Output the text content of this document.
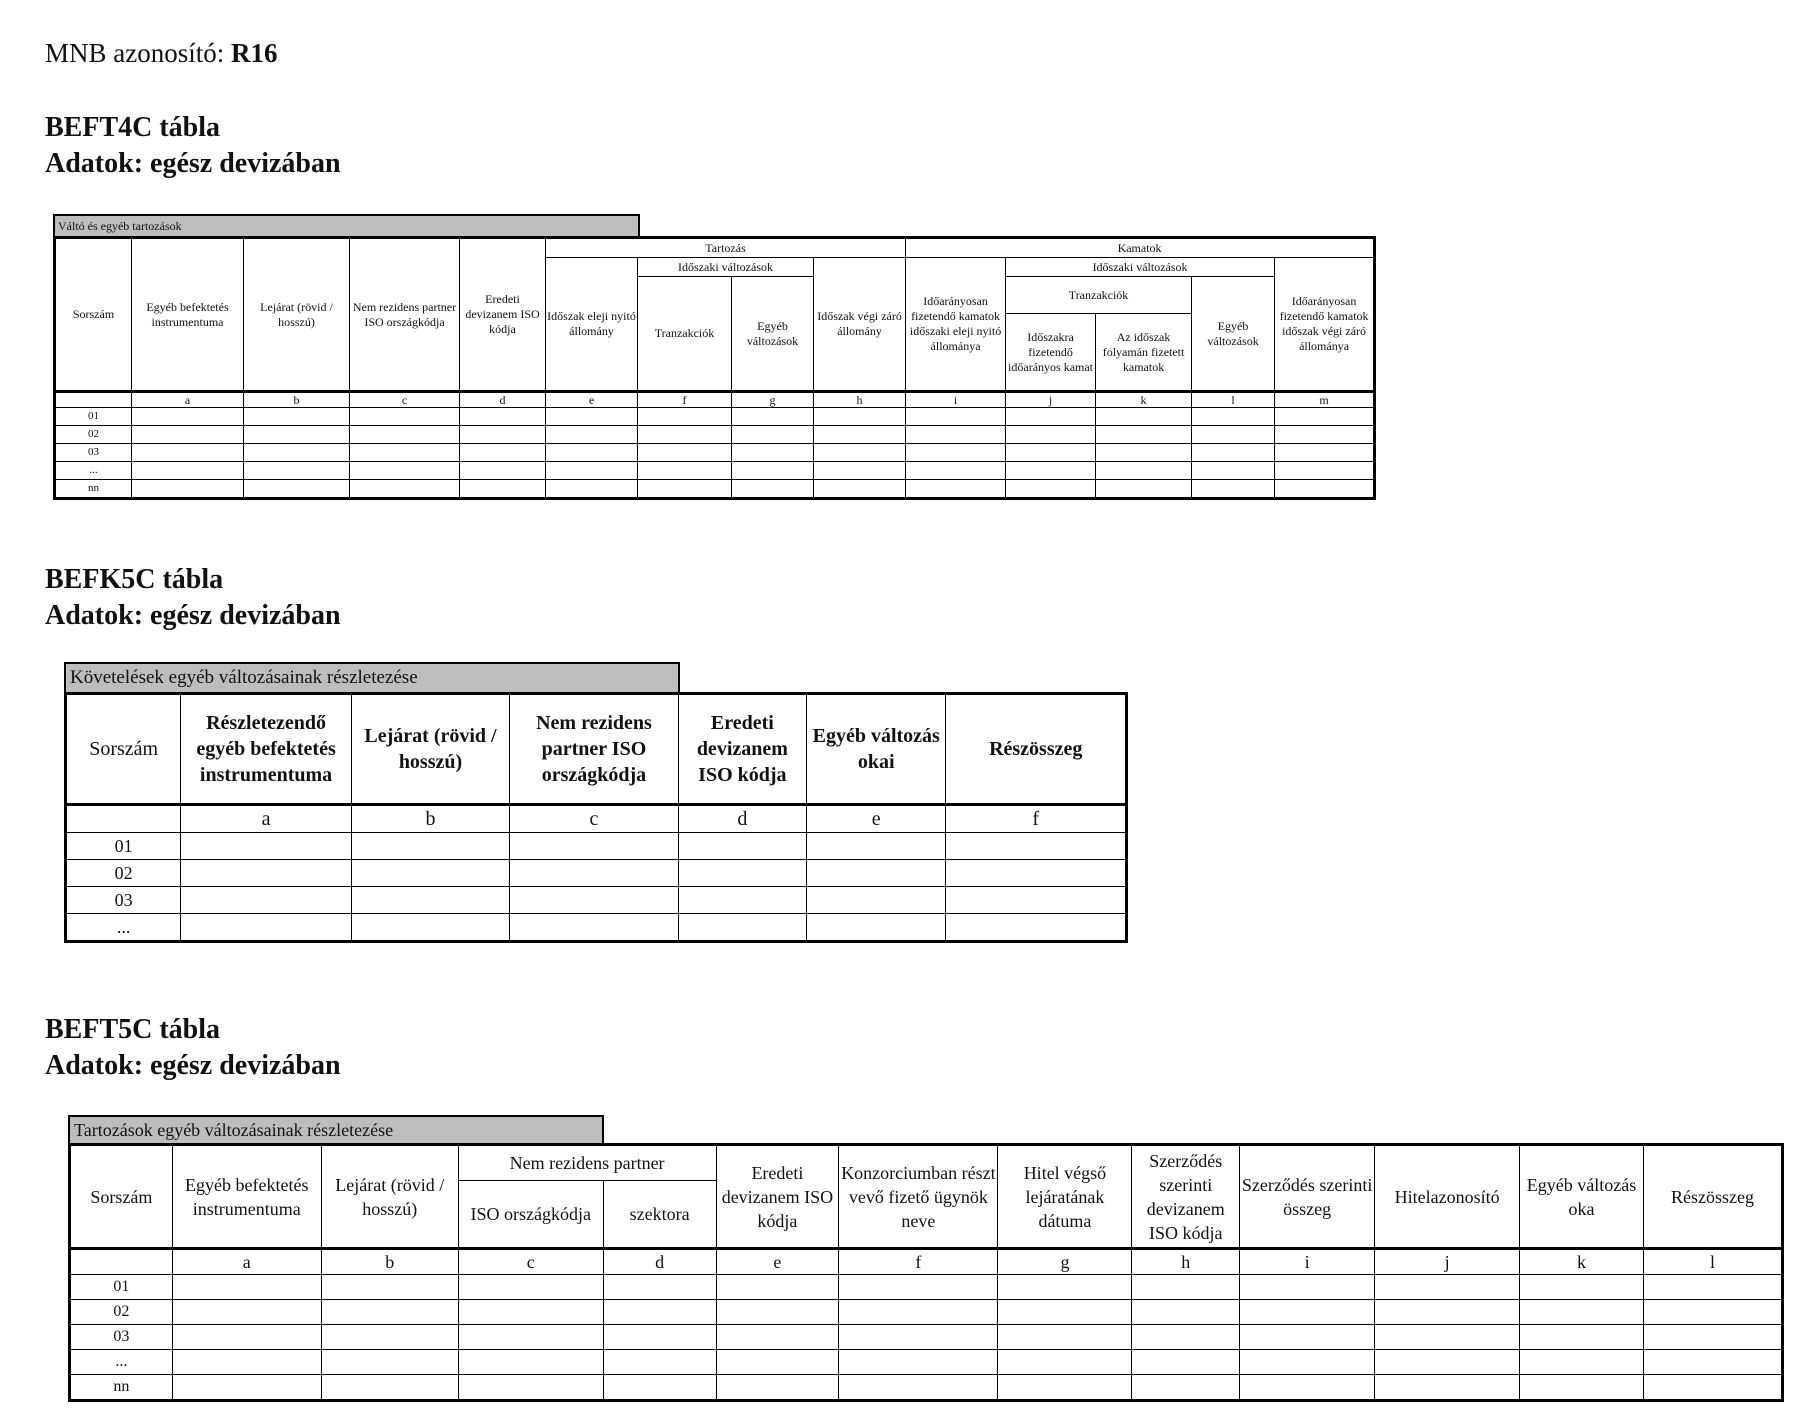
MNB azonosító: R16
BEFT4C tábla
Adatok: egész devizában
Váltó és egyéb tartozások
Sorszám	Egyéb befektetés instrumentuma	Lejárat (rövid / hosszú)	Nem rezidens partner ISO országkódja	Eredeti devizanem ISO kódja	Tartozás				Kamatok				
					Időszak eleji nyitó állomány	Időszaki változások		Időszak végi záró állomány	Időarányosan fizetendő kamatok időszaki eleji nyitó állománya	Időszaki változások			Időarányosan fizetendő kamatok időszak végi záró állománya
						Tranzakciók	Egyéb változások			Tranzakciók		Egyéb változások	
										Időszakra fizetendő időarányos kamat	Az időszak folyamán fizetett kamatok		
	a	b	c	d	e	f	g	h	i	j	k	l	m
01													
02													
03													
...													
nn													
BEFK5C tábla
Adatok: egész devizában
Követelések egyéb változásainak részletezése
Sorszám	Részletezendő egyéb befektetés instrumentuma	Lejárat (rövid / hosszú)	Nem rezidens partner ISO országkódja	Eredeti devizanem ISO kódja	Egyéb változás okai	Részösszeg
	a	b	c	d	e	f
01						
02						
03						
...						
BEFT5C tábla
Adatok: egész devizában
Tartozások egyéb változásainak részletezése
Sorszám	Egyéb befektetés instrumentuma	Lejárat (rövid / hosszú)	Nem rezidens partner		Eredeti devizanem ISO kódja	Konzorciumban részt vevő fizető ügynök neve	Hitel végső lejáratának dátuma	Szerződés szerinti devizanem ISO kódja	Szerződés szerinti összeg	Hitelazonosító	Egyéb változás oka	Részösszeg
			ISO országkódja	szektora								
	a	b	c	d	e	f	g	h	i	j	k	l
01												
02												
03												
...												
nn												
